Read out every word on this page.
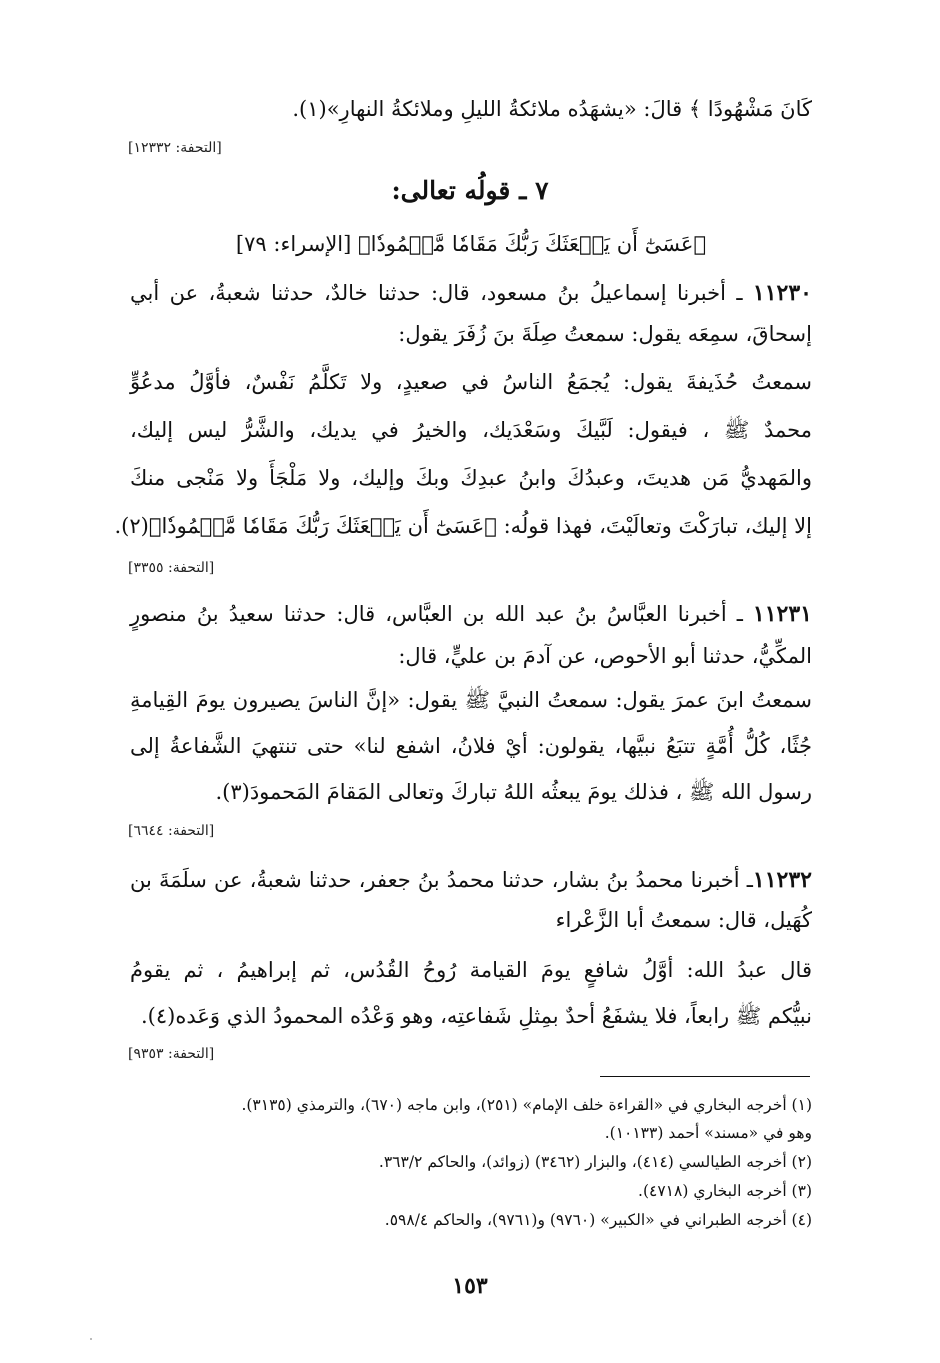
كَانَ مَشْهُودًا ﴾ قالَ: «يشهَدُه ملائكةُ الليلِ وملائكةُ النهارِ»(١).
[التحفة: ١٢٣٣٢]
٧ ـ قولُه تعالى:
﴿عَسَىٰٓ أَن يَبۡعَثَكَ رَبُّكَ مَقَامٗا مَّحۡمُودٗا﴾ [الإسراء: ٧٩]
١١٢٣٠ ـ أخبرنا إسماعيلُ بنُ مسعود، قال: حدثنا خالدٌ، حدثنا شعبةُ، عن أبي
إسحاقَ، سمِعَه يقول: سمعتُ صِلَةَ بنَ زُفَرَ يقول:
سمعتُ حُذَيفةَ يقول: يُجمَعُ الناسُ في صعيدٍ، ولا تَكلَّمُ نَفْسٌ، فأوَّلُ مدعُوٍّ
محمدٌ ﷺ ، فيقول: لَبَّيكَ وسَعْدَيك، والخيرُ في يديك، والشَّرُّ ليس إليك،
والمَهديُّ مَن هديتَ، وعبدُكَ وابنُ عبدِكَ وبكَ وإليك، ولا مَلْجَأَ ولا مَنْجى منكَ
إلا إليك، تبارَكْتَ وتعالَيْتَ، فهذا قولُه: ﴿عَسَىٰٓ أَن يَبۡعَثَكَ رَبُّكَ مَقَامٗا مَّحۡمُودٗا﴾(٢).
[التحفة: ٣٣٥٥]
١١٢٣١ ـ أخبرنا العبَّاسُ بنُ عبد الله بن العبَّاس، قال: حدثنا سعيدُ بنُ منصورٍ
المكِّيُّ، حدثنا أبو الأحوص، عن آدمَ بن عليٍّ، قال:
سمعتُ ابنَ عمرَ يقول: سمعتُ النبيَّ ﷺ يقول: «إنَّ الناسَ يصيرون يومَ القِيامةِ
جُثًا، كُلُّ أُمَّةٍ تتبَعُ نبيَّها، يقولون: أيْ فلانُ، اشفع لنا» حتى تنتهيَ الشَّفاعةُ إلى
رسول الله ﷺ ، فذلك يومَ يبعثُه اللهُ تباركَ وتعالى المَقامَ المَحمودَ(٣).
[التحفة: ٦٦٤٤]
١١٢٣٢ـ أخبرنا محمدُ بنُ بشار، حدثنا محمدُ بنُ جعفر، حدثنا شعبةُ، عن سلَمَةَ بن
كُهَيل، قال: سمعتُ أبا الزَّعْراء
قال عبدُ الله: أوَّلُ شافعٍ يومَ القيامة رُوحُ القُدُس، ثم إبراهيمُ ، ثم يقومُ
نبيُّكم ﷺ رابعاً، فلا يشفَعُ أحدٌ بمِثلِ شَفاعتِه، وهو وَعْدُه المحمودُ الذي وَعَده(٤).
[التحفة: ٩٣٥٣]
(١) أخرجه البخاري في «القراءة خلف الإمام» (٢٥١)، وابن ماجه (٦٧٠)، والترمذي (٣١٣٥).
وهو في «مسند» أحمد (١٠١٣٣).
(٢) أخرجه الطيالسي (٤١٤)، والبزار (٣٤٦٢) (زوائد)، والحاكم ٣٦٣/٢.
(٣) أخرجه البخاري (٤٧١٨).
(٤) أخرجه الطبراني في «الكبير» (٩٧٦٠) و(٩٧٦١)، والحاكم ٥٩٨/٤.
١٥٣
